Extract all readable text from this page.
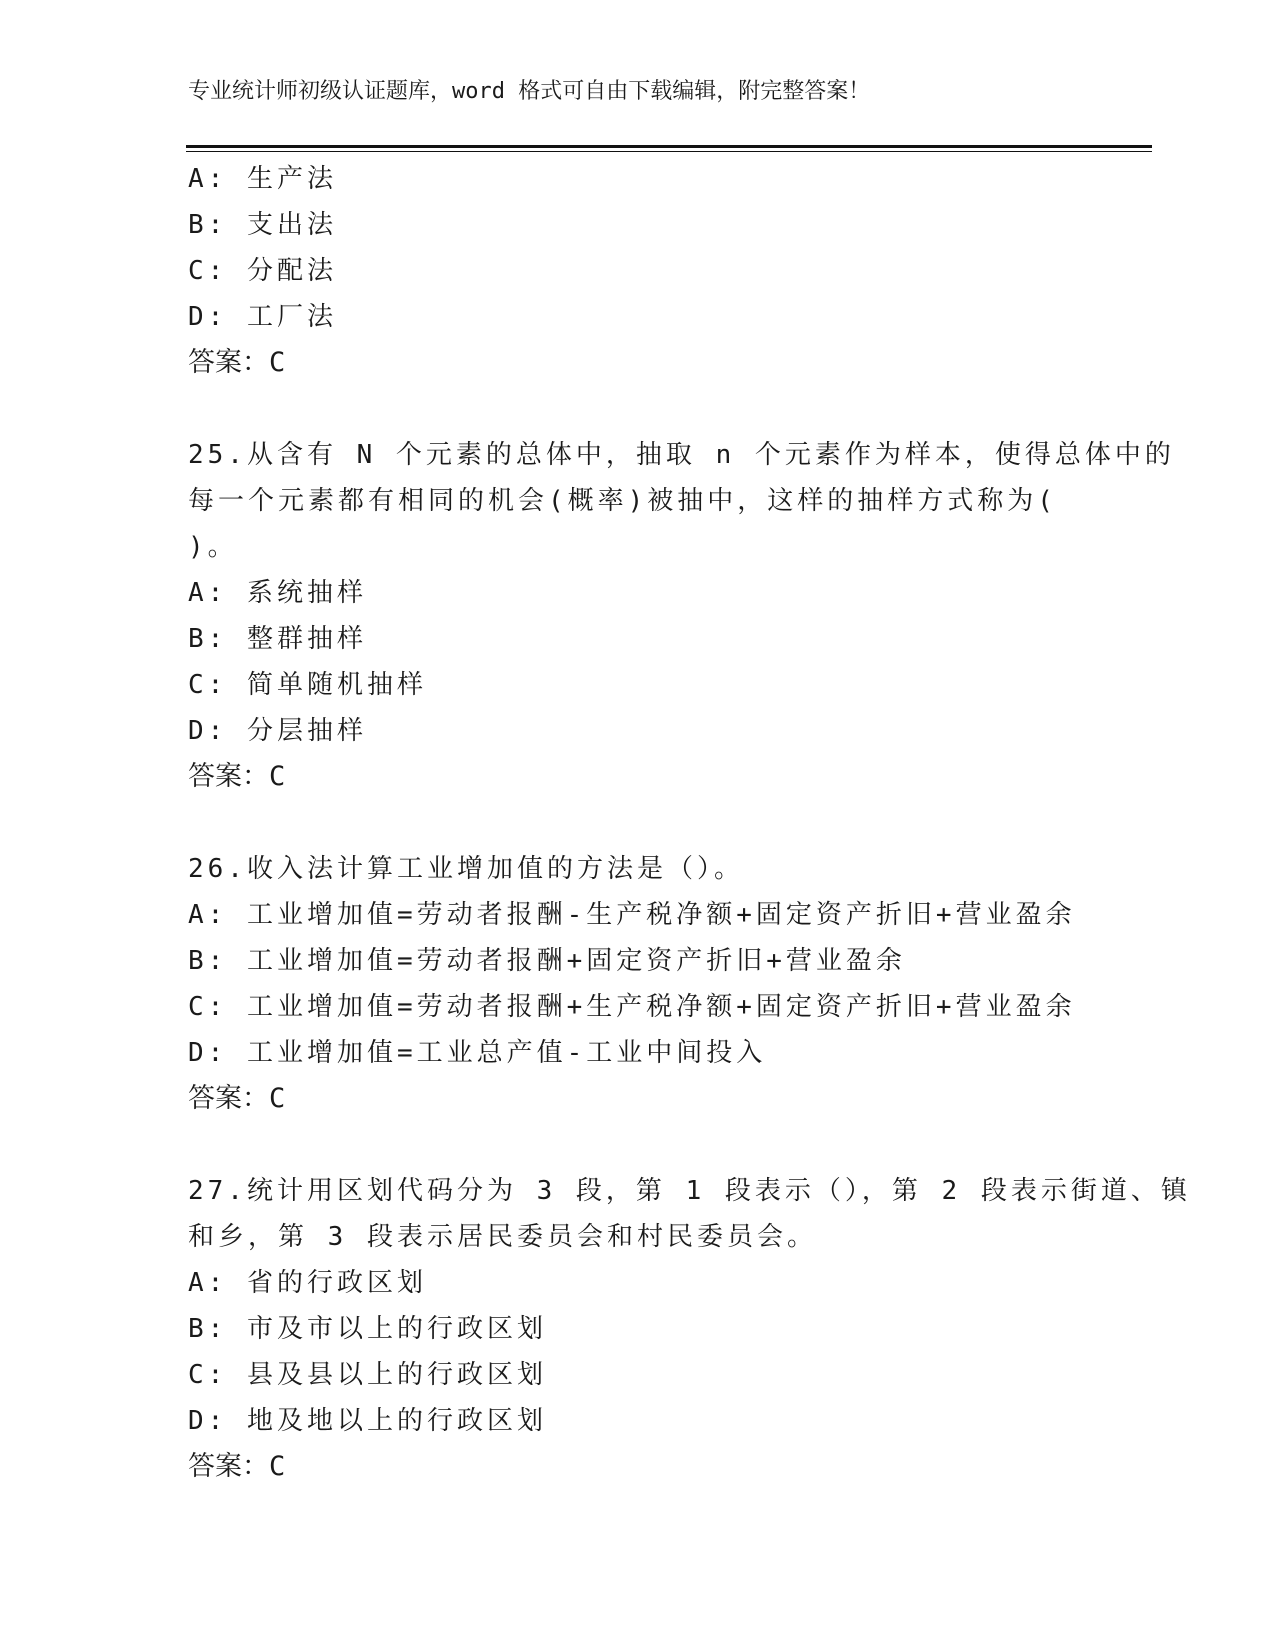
专业统计师初级认证题库，word 格式可自由下载编辑，附完整答案！
A: 生产法
B: 支出法
C: 分配法
D: 工厂法
答案：C
25.从含有 N 个元素的总体中，抽取 n 个元素作为样本，使得总体中的
每一个元素都有相同的机会(概率)被抽中，这样的抽样方式称为(
)。
A: 系统抽样
B: 整群抽样
C: 简单随机抽样
D: 分层抽样
答案：C
26.收入法计算工业增加值的方法是（）。
A: 工业增加值=劳动者报酬-生产税净额+固定资产折旧+营业盈余
B: 工业增加值=劳动者报酬+固定资产折旧+营业盈余
C: 工业增加值=劳动者报酬+生产税净额+固定资产折旧+营业盈余
D: 工业增加值=工业总产值-工业中间投入
答案：C
27.统计用区划代码分为 3 段，第 1 段表示（），第 2 段表示街道、镇
和乡，第 3 段表示居民委员会和村民委员会。
A: 省的行政区划
B: 市及市以上的行政区划
C: 县及县以上的行政区划
D: 地及地以上的行政区划
答案：C
